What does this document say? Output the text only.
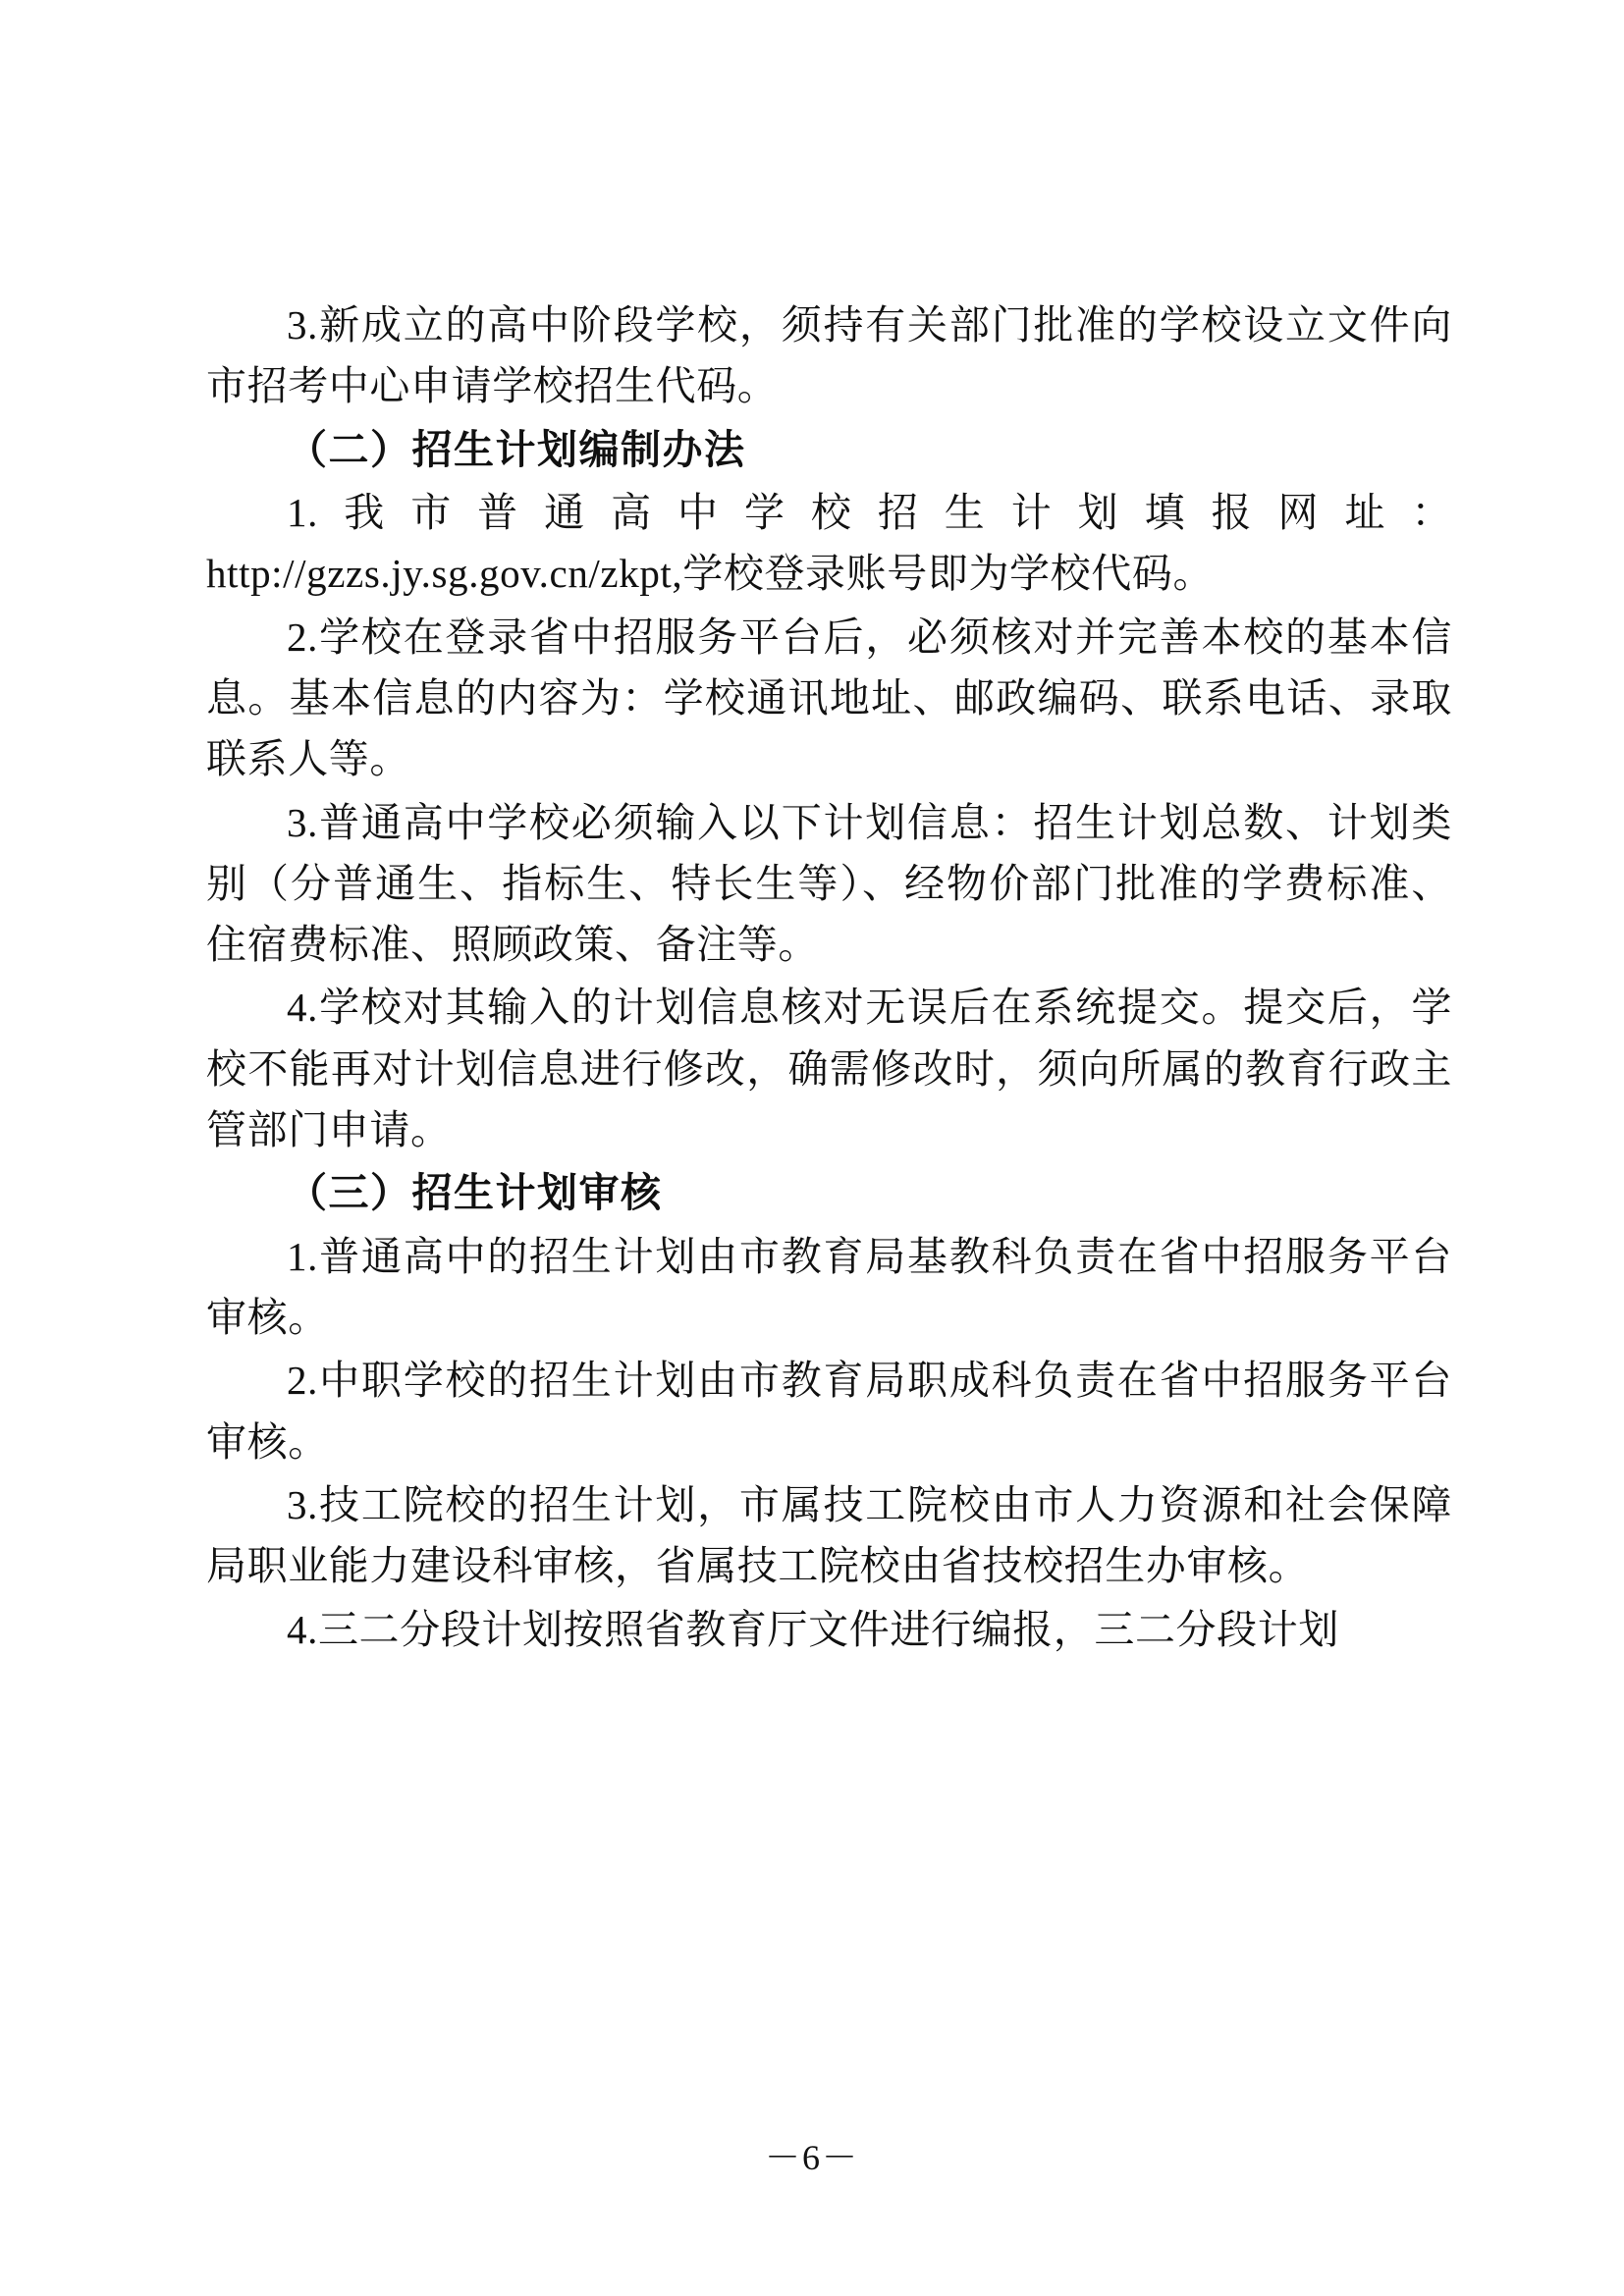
3.新成立的高中阶段学校，须持有关部门批准的学校设立文件向市招考中心申请学校招生代码。

（二）招生计划编制办法

1.我市普通高中学校招生计划填报网址：http://gzzs.jy.sg.gov.cn/zkpt,学校登录账号即为学校代码。

2.学校在登录省中招服务平台后，必须核对并完善本校的基本信息。基本信息的内容为：学校通讯地址、邮政编码、联系电话、录取联系人等。

3.普通高中学校必须输入以下计划信息：招生计划总数、计划类别（分普通生、指标生、特长生等）、经物价部门批准的学费标准、住宿费标准、照顾政策、备注等。

4.学校对其输入的计划信息核对无误后在系统提交。提交后，学校不能再对计划信息进行修改，确需修改时，须向所属的教育行政主管部门申请。

（三）招生计划审核

1.普通高中的招生计划由市教育局基教科负责在省中招服务平台审核。

2.中职学校的招生计划由市教育局职成科负责在省中招服务平台审核。

3.技工院校的招生计划，市属技工院校由市人力资源和社会保障局职业能力建设科审核，省属技工院校由省技校招生办审核。

4.三二分段计划按照省教育厅文件进行编报，三二分段计划

－6－
